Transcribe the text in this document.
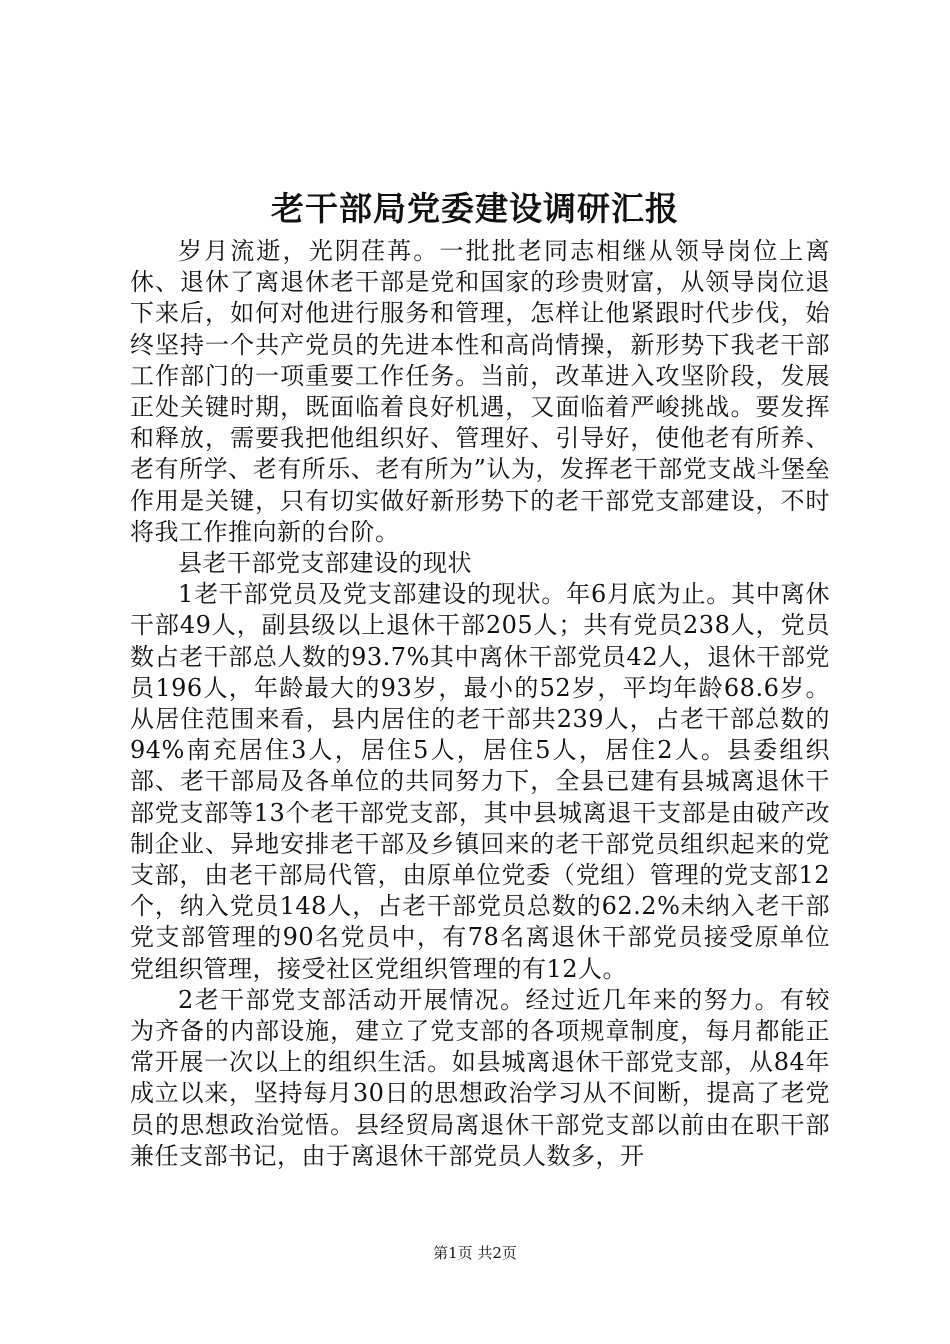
老干部局党委建设调研汇报

岁月流逝，光阴荏苒。一批批老同志相继从领导岗位上离休、退休了离退休老干部是党和国家的珍贵财富，从领导岗位退下来后，如何对他进行服务和管理，怎样让他紧跟时代步伐，始终坚持一个共产党员的先进本性和高尚情操，新形势下我老干部工作部门的一项重要工作任务。当前，改革进入攻坚阶段，发展正处关键时期，既面临着良好机遇，又面临着严峻挑战。要发挥和释放，需要我把他组织好、管理好、引导好，使他老有所养、老有所学、老有所乐、老有所为”认为，发挥老干部党支战斗堡垒作用是关键，只有切实做好新形势下的老干部党支部建设，不时将我工作推向新的台阶。

县老干部党支部建设的现状

1老干部党员及党支部建设的现状。年6月底为止。其中离休干部49人，副县级以上退休干部205人；共有党员238人，党员数占老干部总人数的93.7%其中离休干部党员42人，退休干部党员196人，年龄最大的93岁，最小的52岁，平均年龄68.6岁。从居住范围来看，县内居住的老干部共239人，占老干部总数的94%南充居住3人，居住5人，居住5人，居住2人。县委组织部、老干部局及各单位的共同努力下，全县已建有县城离退休干部党支部等13个老干部党支部，其中县城离退干支部是由破产改制企业、异地安排老干部及乡镇回来的老干部党员组织起来的党支部，由老干部局代管，由原单位党委（党组）管理的党支部12个，纳入党员148人，占老干部党员总数的62.2%未纳入老干部党支部管理的90名党员中，有78名离退休干部党员接受原单位党组织管理，接受社区党组织管理的有12人。

2老干部党支部活动开展情况。经过近几年来的努力。有较为齐备的内部设施，建立了党支部的各项规章制度，每月都能正常开展一次以上的组织生活。如县城离退休干部党支部，从84年成立以来，坚持每月30日的思想政治学习从不间断，提高了老党员的思想政治觉悟。县经贸局离退休干部党支部以前由在职干部兼任支部书记，由于离退休干部党员人数多，开

第1页 共2页
